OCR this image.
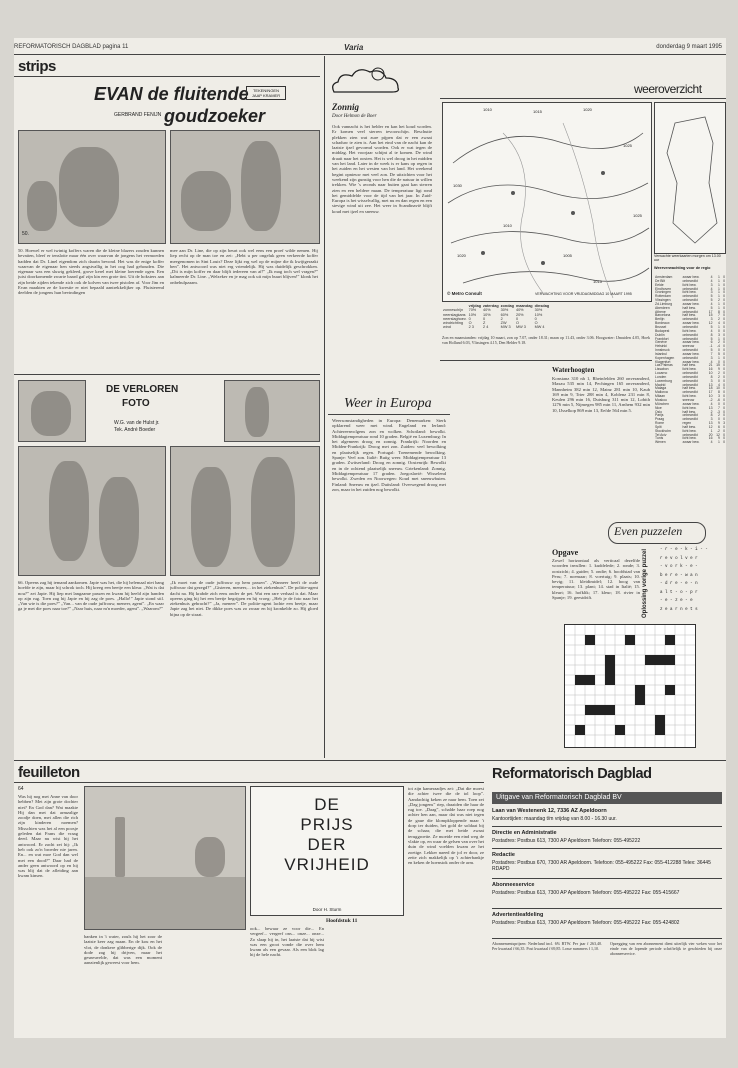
REFORMATORISCH DAGBLAD pagina 11	Varia	donderdag 9 maart 1995
strips
EVAN de fluitende
goudzoeker
TEKENINGEN JAAP KRAMER
GERBRAND FENIJN
50.
50. Hoewel er wel twintig koffers waren die de kleine blazers zouden kunnen bevatten, bleef er tenslotte maar één over waarvan de jongens het vermoeden hadden dat Dr. Linel eigendom zich daarin bevond. Het was de enige koffer waarvan de eigenaar hen steeds angstvallig in het oog had gehouden. Die eigenaar was een sluwig gekleed, grove kerel met kleine loerende ogen. Een juist doorkomende zwarte baard gaf zijn kin een grote tint. Uit de hoksters aan zijn beide zijden tekende zich ook de kolven van twee pistolen af. Voor Jim en Evan maakten ze de kwestie er niet bepaald aantrekkelijker op. Fluisterend deelden de jongens hun bevindingen
mee aan Dr. Line, die op zijn beurt ook wel eens een proef wilde nemen. Hij liep recht op de man toe en zei: „Hebt u per ongeluk geen verkeerde koffer meegenomen in Sint Louis? Deze lijkt erg wel op de mijne die ik kwijtgeraakt ben”. Het antwoord was niet erg vriendelijk. Hij was duidelijk geschrokken. „Dit is mijn koffer en daar blijft iedereen van af!” „Ik mag toch wel vragen?” kalmeerde Dr. Line. „Welzeker en je mag ook uit mijn buurt blijven!” klonk het onbehulpzaam.
DE VERLOREN
FOTO
W.G. van de Hulst jr.
Tek. André Boeder
66. Opeens zag hij iemand aankomen. Japie was het, die hij helemaal niet bang hoefde te zijn, maar hij schrok toch. Hij kreeg een beetje een kleur. „Wat is dat nou?” zei Japie. Hij liep met langzame passen en kwam hij heeld zijn handen op zijn rug. Toen zag hij Japie en hij zag de poes. „Hallo!” Japie stond stil. „Van wie is die poes?” „Van... van de oude juffrouw, meneer, agent”. „En waar ga je met die poes naar toe?” „Naar huis, naar m'n moeder, agent”. „Waarom?”
„Ik moet van de oude juffrouw op hem passen”. „Wanneer heeft de oude juffrouw dat gezegd?” „Gisteren, meneer,... in het ziekenhuis”. De politie-agent dacht na. Hij krabde zich eens onder de pet. Wat een rare verhaal is dat. Maar opeens ging hij het een beetje begrijpen en hij vroeg: „Heb je de foto naar het ziekenhuis gebracht?” „Ja, meneer”. De politie-agent lachte een beetje, maar Japie zag het niet. De dikke poes was zo zwaar en hij kronkelde zo. Hij gloed bijna op de straat.
Zonnig
Door Helmon de Boer
Ook vannacht is het helder en kan het koud worden. Er komen veel sterren tevoorschijn. Beschutte plekken zien wat zure pijpen dat er een zwaai schaduw te zien is. Aan het eind van de nacht kan de laatste ijzel gevormd worden. Ook er wat tegen de middag. Het voorjaar schijnt al te komen. De wind draait naar het oosten. Het is wel droog in het midden van het land. Later in de week is er kans op regen in het zuiden en het westen van het land. Het weekend begint opnieuw met veel zon. De uitzichten voor het weekend zijn gunstig voor hen die de natuur in willen trekken. Wie 's avonds naar buiten gaat kan sterren zien en een heldere maan. De temperatuur ligt rond het gemiddelde voor de tijd van het jaar. In Zuid-Europa is het wisselvallig, met nu en dan regen en een stevige wind uit zee. Het weer in Scandinavië blijft koud met ijzel en sneeuw.
weeroverzicht
1010	1015	1020
1025
1030
1025
1020
1015
1010
1005
© Metro Consult	VERWACHTING VOOR VRIJDAGMIDDAG 10 MAART 1995
Verwachte weerkaarten morgen om 13.00 uur
Weerverwachting voor de regio
	vrijdag	zaterdag	zondag	maandag	dinsdag
zonneschijn	70%	40%	30%	40%	30%
neerslagkans	10%	10%	60%	20%	10%
neerslaghoev.	0	0	2	0	0
windrichting	O	Z	ZW	O	O
wind	2 3	2 4	MW 3	MW 3	MW 4
Zon en maanstanden: vrijdag 10 maart, zon op 7.07, onder 18.31; maan op 11.43, onder 3.06. Hoogwater: IJmuiden 4.05, Hoek van Holland 6.03, Vlissingen 4.15, Den Helder 9.18.
Amsterdam	zwaar bew.	4	1	0
De Bilt	onbewolkt	4	1	0
Eelde	licht bew.	3	1	0
Eindhoven	onbewolkt	4	1	0
Groningen	licht bew.	3	1	0
Rotterdam	onbewolkt	5	1	0
Vlissingen	onbewolkt	5	2	0
Zd.Limburg	zwaar bew.	4	1	0
Aberdeen	half bew.	5	1	0
Athene	onbewolkt	17	8	0
Barcelona	half bew.	15	7	0
Berlijn	onbewolkt	3	2	0
Bordeaux	zwaar bew.	12	4	0
Brussel	onbewolkt	5	1	0
Budapest	licht bew.	4	0	0
Dublin	onbewolkt	8	3	0
Frankfort	onbewolkt	5	1	0
Genève	zwaar bew.	6	2	0
Helsinki	sneeuw	-1	-4	0
Innsbruck	onbewolkt	5	0	0
Istanbul	zwaar bew.	7	5	0
Kopenhagen	onbewolkt	3	1	0
Klagenfurt	zwaar bew.	4	0	0
Las Palmas	half bew.	21	15	0
Lissabon	licht bew.	16	9	0
Locarno	onbewolkt	10	2	0
Londen	onbewolkt	8	2	0
Luxemburg	onbewolkt	3	0	0
Madrid	onbewolkt	13	4	0
Malaga	half bew.	18	10	0
Mallorca	onbewolkt	17	8	0
Milaan	licht bew.	10	3	0
Moskou	sneeuw	-2	-6	0
München	zwaar bew.	4	0	0
Nice	licht bew.	13	7	0
Oslo	half bew.	2	-3	0
Parijs	onbewolkt	8	2	0
Praag	onbewolkt	3	0	0
Rome	regen	13	9	3
Split	half bew.	12	6	0
Stockholm	licht bew.	1	-2	0
Tel Aviv	onbewolkt	20	12	0
Tunis	licht bew.	16	9	0
Wenen	zwaar bew.	4	1	0
Weer in Europa
Weersomstandigheden in Europa: Denemarken: Sterk opklarend weer met wind. Engeland en Ierland: Achtereenvolgens zon en wolken. Schotland: bewolkt. Middagtemperatuur rond 10 graden. België en Luxemburg: In het algemeen droog en zonnig. Frankrijk: Noorden en Midden-Frankrijk: Droog met zon. Zuiden: veel bewolking en plaatselijk regen. Portugal: Toenemende bewolking. Spanje: Veel zon. Italië: Buiig weer. Middagtemperatuur 13 graden. Zwitserland: Droog en zonnig. Oostenrijk: Bewolkt en in de ochtend plaatselijk sneeuw. Griekenland: Zonnig. Middagtemperatuur 17 graden. Joegoslavië: Wisselend bewolkt. Zweden en Noorwegen: Koud met sneeuwbuien. Finland: Sneeuw en ijzel. Duitsland: Overwegend droog met zon, maar in het zuiden nog bewolkt.
Waterhoogten
Konstanz 310 nh 1, Rheinfelden 260 onveranderd, Maxau 535 min 14, Pechingen 165 onveranderd, Mannheim 382 min 12, Mainz 281 min 10, Kaub 169 min 9, Trier 288 min 4, Koblenz 231 min 8, Keulen 296 min 16, Duisburg 311 min 12, Lobith 1276 min 5, Nijmegen 985 min 11, Arnhem 932 min 10, IJsselkop 869 min 13, Eefde 564 min 5.
Even puzzelen
Opgave
Zowel horizontaal als verticaal dezelfde woorden invullen: 1. kuddelede; 2. ronde; 3. oostzicht; 4. guider; 5. ondie; 6. hoofdstad van Peru; 7. noemaar; 8. voertuig; 9. plaats; 10. bevig; 11. kleidimidel; 12. hoog van temperatuur; 13. plant; 14. stad in Italië; 15. kleurt; 16. hofklik; 17. kleur; 18. rivier in Spanje; 19. geestdrift.	Oplossing vorige puzzel	- r - e - k - i - -
r e v o l v e r
- v o r k - e -
b e r e - w a n
- d r e - e - n
a l t - o - p r
- e - z e - e
z e a r n e t s
feuilleton
64
Was hij nog met Anne van door hebben? Met zijn grote dochter niet? En God dan? Wat maakte Hij dan met dat armzalige zoodje doen, met allen die rich zijn kinderen noemen? Misschien was het al een poosje geleden dat Frans die vraag deed. Maar nu wist hij het antwoord. Er zacht zei hij: „Ik heb ook zo'n broeder nie jaren. En... en wat moe God dan wel met een dood?” Daar had de ander geen antwoord op en hij was blij dat de afleiding aan kwam kinsen.
banken in 't water, zouls hij het zoor de laatste keer zag maan. En de kou en het vlot, de donkere glibberige dijk. Ook de dode zag hij drijven, maar het gesneuvelde, dat was een moment aanzienlijk geweest voor hem.
DE
PRIJS
DER
VRIJHEID
Door H. Sturm
Hoofdstuk 11
ook... bewaar ze voor die... En vergeef... vergeef ons... onze... onze... Zo slaap hij in, het laatste dat hij wist was een groot vonde die over hem kwam als een gevaar. Als een blok lag hij de hele nacht.
tot zijn kameraadjes zei: „Dat die moest die achter twee die de tol loop”. Aandachtig keken ze naar hem. Toen zei „Dag jongens” riep, draaiden die haar de rug toe. „Daag”, schalde haar roep nog achter hen aan, maar dat was niet tegen de gaue die klompkloppende maar 't dorp ter duiden, het gold de soldaat bij de schaar, die met beide zwaai teruggroette. Ze moeide een eind weg de vlakte op, en waar de gelsen van over het duin de wind voelden kwam ze het zoetige. Lekker naeed de jol er door, ze zette zich makkelijk op 't achterbankje en keken de hoenstok onder de arm.
Reformatorisch Dagblad
Uitgave van Reformatorisch Dagblad BV
Laan van Westenenk 12, 7336 AZ Apeldoorn
Kantoortijden: maandag t/m vrijdag van 8.00 - 16.30 uur.
Directie en Administratie
Postadres: Postbus 613, 7300 AP Apeldoorn Telefoon: 055-495222
Redactie
Postadres: Postbus 670, 7300 AR Apeldoorn. Telefoon: 055-495222 Fax: 055-412288 Telex: 36445 RDAPD
Abonneeservice
Postadres: Postbus 613, 7300 AP Apeldoorn Telefoon: 055-495222 Fax: 055-415667
Advertentieafdeling
Postadres: Postbus 613, 7300 AP Apeldoorn Telefoon: 055-495222 Fax: 055-424802
Abonnementsprijzen: Nederland incl. 6% BTW. Per jaar f 263,40. Per kwartaal f 66,35. Post kwartaal f 69,85. Losse nummers f 1,10.
Opzegging van een abonnement dient uiterlijk vier weken voor het einde van de lopende periode schriftelijk te geschieden bij onze abonneeservice.
